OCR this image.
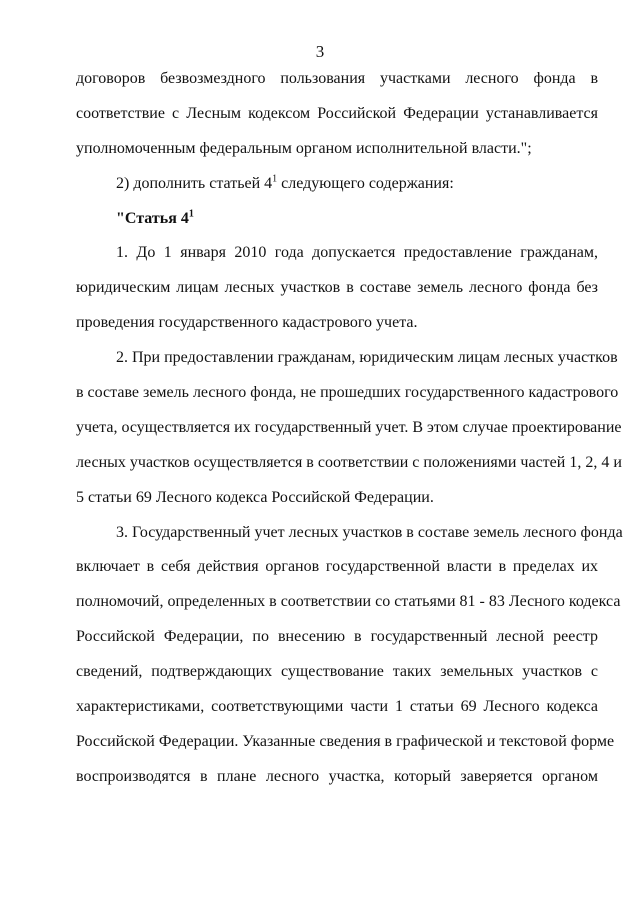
3
договоров безвозмездного пользования участками лесного фонда в
соответствие с Лесным кодексом Российской Федерации устанавливается
уполномоченным федеральным органом исполнительной власти.";
2) дополнить статьей $4^1$ следующего содержания:
"Статья $4^1$
1. До 1 января 2010 года допускается предоставление гражданам,
юридическим лицам лесных участков в составе земель лесного фонда без
проведения государственного кадастрового учета.
2. При предоставлении гражданам, юридическим лицам лесных участков
в составе земель лесного фонда, не прошедших государственного кадастрового
учета, осуществляется их государственный учет. В этом случае проектирование
лесных участков осуществляется в соответствии с положениями частей 1, 2, 4 и
5 статьи 69 Лесного кодекса Российской Федерации.
3. Государственный учет лесных участков в составе земель лесного фонда
включает в себя действия органов государственной власти в пределах их
полномочий, определенных в соответствии со статьями 81 - 83 Лесного кодекса
Российской Федерации, по внесению в государственный лесной реестр
сведений, подтверждающих существование таких земельных участков с
характеристиками, соответствующими части 1 статьи 69 Лесного кодекса
Российской Федерации. Указанные сведения в графической и текстовой форме
воспроизводятся в плане лесного участка, который заверяется органом
